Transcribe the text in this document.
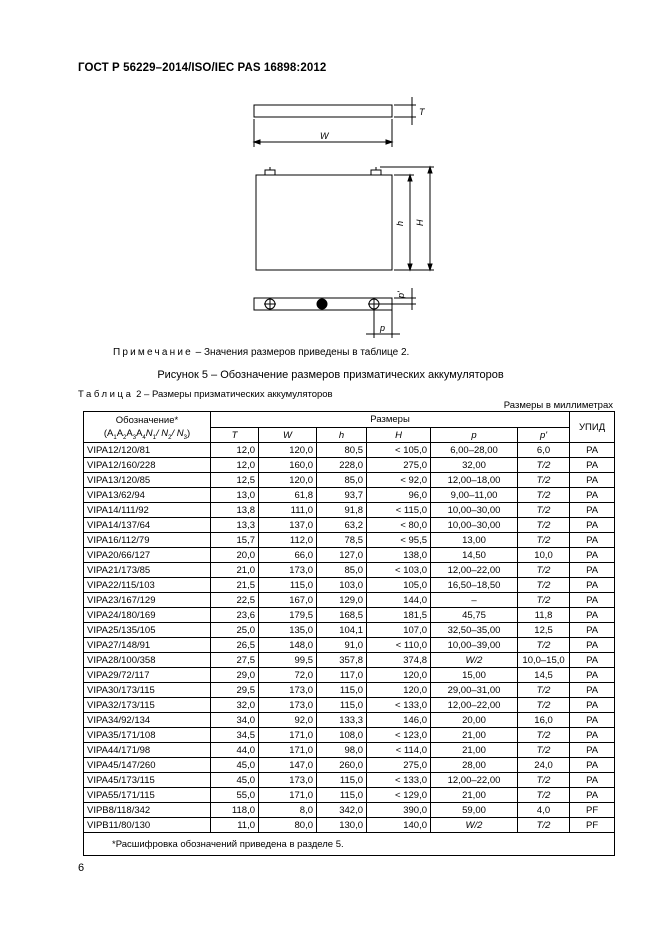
ГОСТ Р 56229–2014/ISO/IEC PAS 16898:2012
T
W
h H
p'
p
Примечание – Значения размеров приведены в таблице 2.
Рисунок 5 – Обозначение размеров призматических аккумуляторов
Таблица 2 – Размеры призматических аккумуляторов
Размеры в миллиметрах
Обозначение*
($A_1A_2A_3A_4N_1/$ $N_2/$ $N_3$)	Размеры						УПИД
	T	W	h	H	p	p'	
VIPA12/120/81	12,0	120,0	80,5	< 105,0	6,00–28,00	6,0	PA
VIPA12/160/228	12,0	160,0	228,0	275,0	32,00	T/2	PA
VIPA13/120/85	12,5	120,0	85,0	< 92,0	12,00–18,00	T/2	PA
VIPA13/62/94	13,0	61,8	93,7	96,0	9,00–11,00	T/2	PA
VIPA14/111/92	13,8	111,0	91,8	< 115,0	10,00–30,00	T/2	PA
VIPA14/137/64	13,3	137,0	63,2	< 80,0	10,00–30,00	T/2	PA
VIPA16/112/79	15,7	112,0	78,5	< 95,5	13,00	T/2	PA
VIPA20/66/127	20,0	66,0	127,0	138,0	14,50	10,0	PA
VIPA21/173/85	21,0	173,0	85,0	< 103,0	12,00–22,00	T/2	PA
VIPA22/115/103	21,5	115,0	103,0	105,0	16,50–18,50	T/2	PA
VIPA23/167/129	22,5	167,0	129,0	144,0	–	T/2	PA
VIPA24/180/169	23,6	179,5	168,5	181,5	45,75	11,8	PA
VIPA25/135/105	25,0	135,0	104,1	107,0	32,50–35,00	12,5	PA
VIPA27/148/91	26,5	148,0	91,0	< 110,0	10,00–39,00	T/2	PA
VIPA28/100/358	27,5	99,5	357,8	374,8	W/2	10,0–15,0	PA
VIPA29/72/117	29,0	72,0	117,0	120,0	15,00	14,5	PA
VIPA30/173/115	29,5	173,0	115,0	120,0	29,00–31,00	T/2	PA
VIPA32/173/115	32,0	173,0	115,0	< 133,0	12,00–22,00	T/2	PA
VIPA34/92/134	34,0	92,0	133,3	146,0	20,00	16,0	PA
VIPA35/171/108	34,5	171,0	108,0	< 123,0	21,00	T/2	PA
VIPA44/171/98	44,0	171,0	98,0	< 114,0	21,00	T/2	PA
VIPA45/147/260	45,0	147,0	260,0	275,0	28,00	24,0	PA
VIPA45/173/115	45,0	173,0	115,0	< 133,0	12,00–22,00	T/2	PA
VIPA55/171/115	55,0	171,0	115,0	< 129,0	21,00	T/2	PA
VIPB8/118/342	118,0	8,0	342,0	390,0	59,00	4,0	PF
VIPB11/80/130	11,0	80,0	130,0	140,0	W/2	T/2	PF
*Расшифровка обозначений приведена в разделе 5.							
6
